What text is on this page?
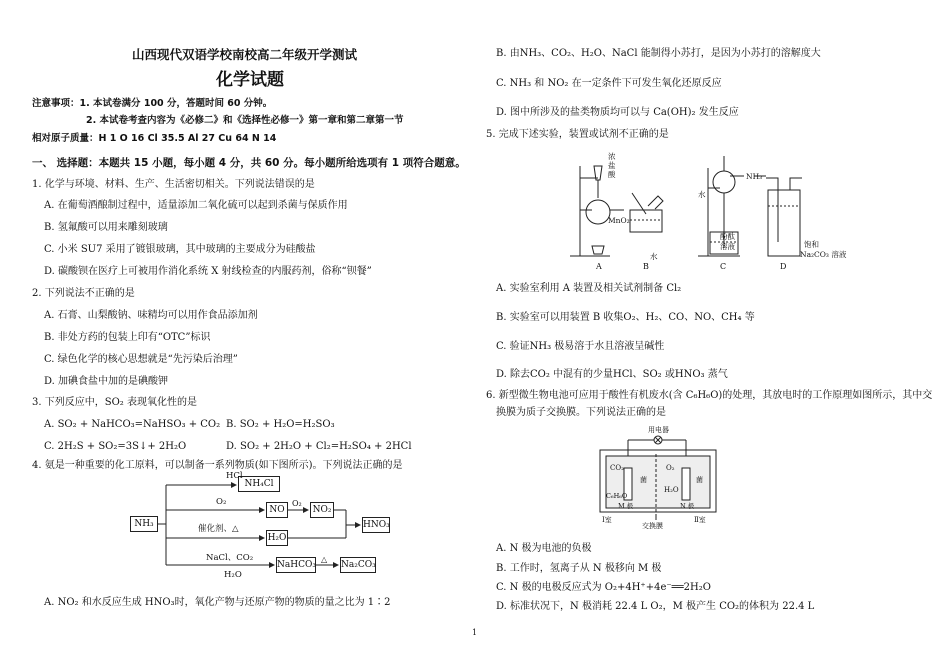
山西现代双语学校南校高二年级开学测试
化学试题
注意事项：1. 本试卷满分 100 分，答题时间 60 分钟。
2. 本试卷考查内容为《必修二》和《选择性必修一》第一章和第二章第一节
相对原子质量：H 1 O 16 Cl 35.5 Al 27 Cu 64 N 14
一、 选择题：本题共 15 小题，每小题 4 分，共 60 分。每小题所给选项有 1 项符合题意。
1. 化学与环境、材料、生产、生活密切相关。下列说法错误的是
A. 在葡萄酒酿制过程中，适量添加二氧化硫可以起到杀菌与保质作用
B. 氢氟酸可以用来雕刻玻璃
C. 小米 SU7 采用了镀银玻璃，其中玻璃的主要成分为硅酸盐
D. 碳酸钡在医疗上可被用作消化系统 X 射线检查的内服药剂，俗称“钡餐”
2. 下列说法不正确的是
A. 石膏、山梨酸钠、味精均可以用作食品添加剂
B. 非处方药的包装上印有“OTC”标识
C. 绿色化学的核心思想就是“先污染后治理”
D. 加碘食盐中加的是碘酸钾
3. 下列反应中，SO₂ 表现氧化性的是
A. SO₂ + NaHCO₃=NaHSO₃ + CO₂ B. SO₂ + H₂O=H₂SO₃
C. 2H₂S + SO₂=3S↓+ 2H₂O	D. SO₂ + 2H₂O + Cl₂=H₂SO₄ + 2HCl
4. 氨是一种重要的化工原料，可以制备一系列物质(如下图所示)。下列说法正确的是
NH₃
NH₄Cl
NO	NO₂
HNO₃
H₂O
NaHCO₃	Na₂CO₃
HCl
O₂
催化剂、△
O₂
NaCl、CO₂
H₂O
△
A. NO₂ 和水反应生成 HNO₃时，氧化产物与还原产物的物质的量之比为 1∶2
B. 由NH₃、CO₂、H₂O、NaCl 能制得小苏打，是因为小苏打的溶解度大
C. NH₃ 和 NO₂ 在一定条件下可发生氧化还原反应
D. 图中所涉及的盐类物质均可以与 Ca(OH)₂ 发生反应
5. 完成下述实验，装置或试剂不正确的是
浓
盐
酸
MnO₂
水
NH₃
水
酚酞
溶液	饱和
Na₂CO₃ 溶液
A	B	C	D
A. 实验室利用 A 装置及相关试剂制备 Cl₂
B. 实验室可以用装置 B 收集O₂、H₂、CO、NO、CH₄ 等
C. 验证NH₃ 极易溶于水且溶液呈碱性
D. 除去CO₂ 中混有的少量HCl、SO₂ 或HNO₃ 蒸气
6. 新型微生物电池可应用于酸性有机废水(含 C₆H₆O)的处理，其放电时的工作原理如图所示，其中交
换膜为质子交换膜。下列说法正确的是
用电器
CO₂
C₆H₆O
菌
M 极
O₂
H₂O
菌
N 极
Ⅰ室
交换膜
Ⅱ室
A. N 极为电池的负极
B. 工作时，氢离子从 N 极移向 M 极
C. N 极的电极反应式为 O₂+4H⁺+4e⁻══2H₂O
D. 标准状况下，N 极消耗 22.4 L O₂，M 极产生 CO₂的体积为 22.4 L
1
